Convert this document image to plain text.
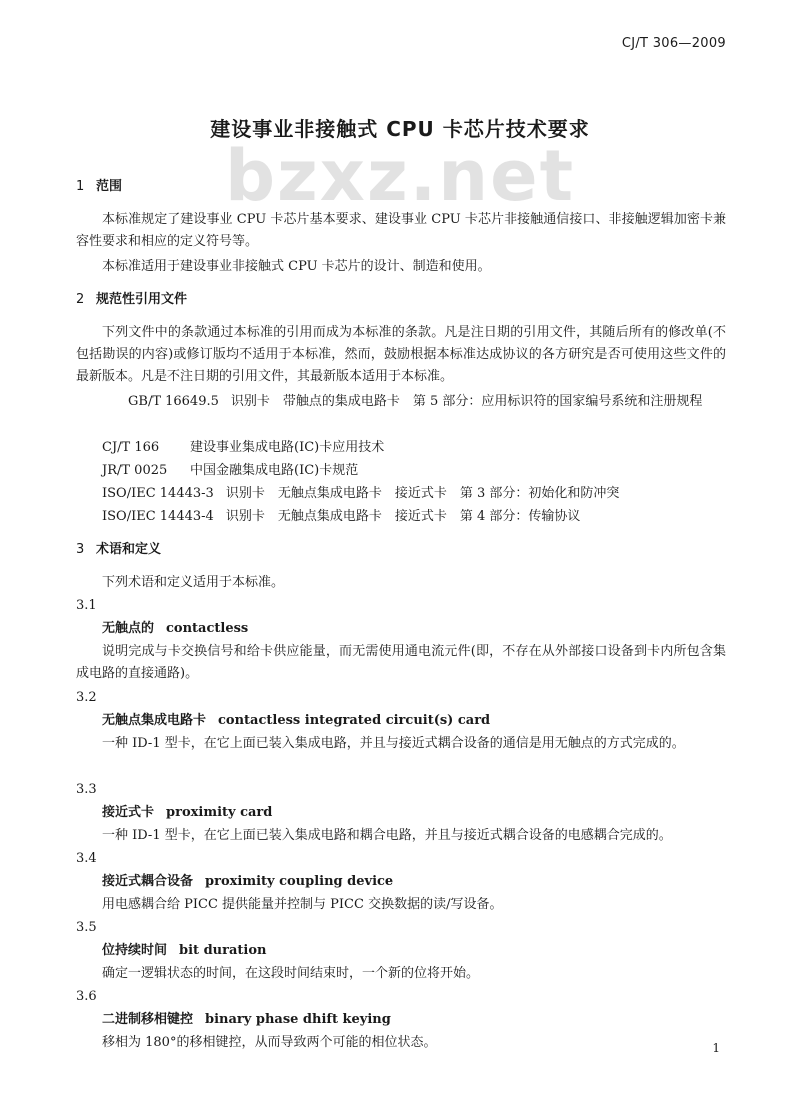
CJ/T 306—2009
bzxz.net
建设事业非接触式 CPU 卡芯片技术要求
1 范围
本标准规定了建设事业 CPU 卡芯片基本要求、建设事业 CPU 卡芯片非接触通信接口、非接触逻辑加密卡兼容性要求和相应的定义符号等。
本标准适用于建设事业非接触式 CPU 卡芯片的设计、制造和使用。
2 规范性引用文件
下列文件中的条款通过本标准的引用而成为本标准的条款。凡是注日期的引用文件，其随后所有的修改单(不包括勘误的内容)或修订版均不适用于本标准，然而，鼓励根据本标准达成协议的各方研究是否可使用这些文件的最新版本。凡是不注日期的引用文件，其最新版本适用于本标准。
GB/T 16649.5 识别卡　带触点的集成电路卡　第 5 部分：应用标识符的国家编号系统和注册规程
CJ/T 166 建设事业集成电路(IC)卡应用技术
JR/T 0025 中国金融集成电路(IC)卡规范
ISO/IEC 14443-3 识别卡　无触点集成电路卡　接近式卡　第 3 部分：初始化和防冲突
ISO/IEC 14443-4 识别卡　无触点集成电路卡　接近式卡　第 4 部分：传输协议
3 术语和定义
下列术语和定义适用于本标准。
3.1
无触点的 contactless
说明完成与卡交换信号和给卡供应能量，而无需使用通电流元件(即，不存在从外部接口设备到卡内所包含集成电路的直接通路)。
3.2
无触点集成电路卡 contactless integrated circuit(s) card
一种 ID-1 型卡，在它上面已装入集成电路，并且与接近式耦合设备的通信是用无触点的方式完成的。
3.3
接近式卡 proximity card
一种 ID-1 型卡，在它上面已装入集成电路和耦合电路，并且与接近式耦合设备的电感耦合完成的。
3.4
接近式耦合设备 proximity coupling device
用电感耦合给 PICC 提供能量并控制与 PICC 交换数据的读/写设备。
3.5
位持续时间 bit duration
确定一逻辑状态的时间，在这段时间结束时，一个新的位将开始。
3.6
二进制移相键控 binary phase dhift keying
移相为 180°的移相键控，从而导致两个可能的相位状态。	1
